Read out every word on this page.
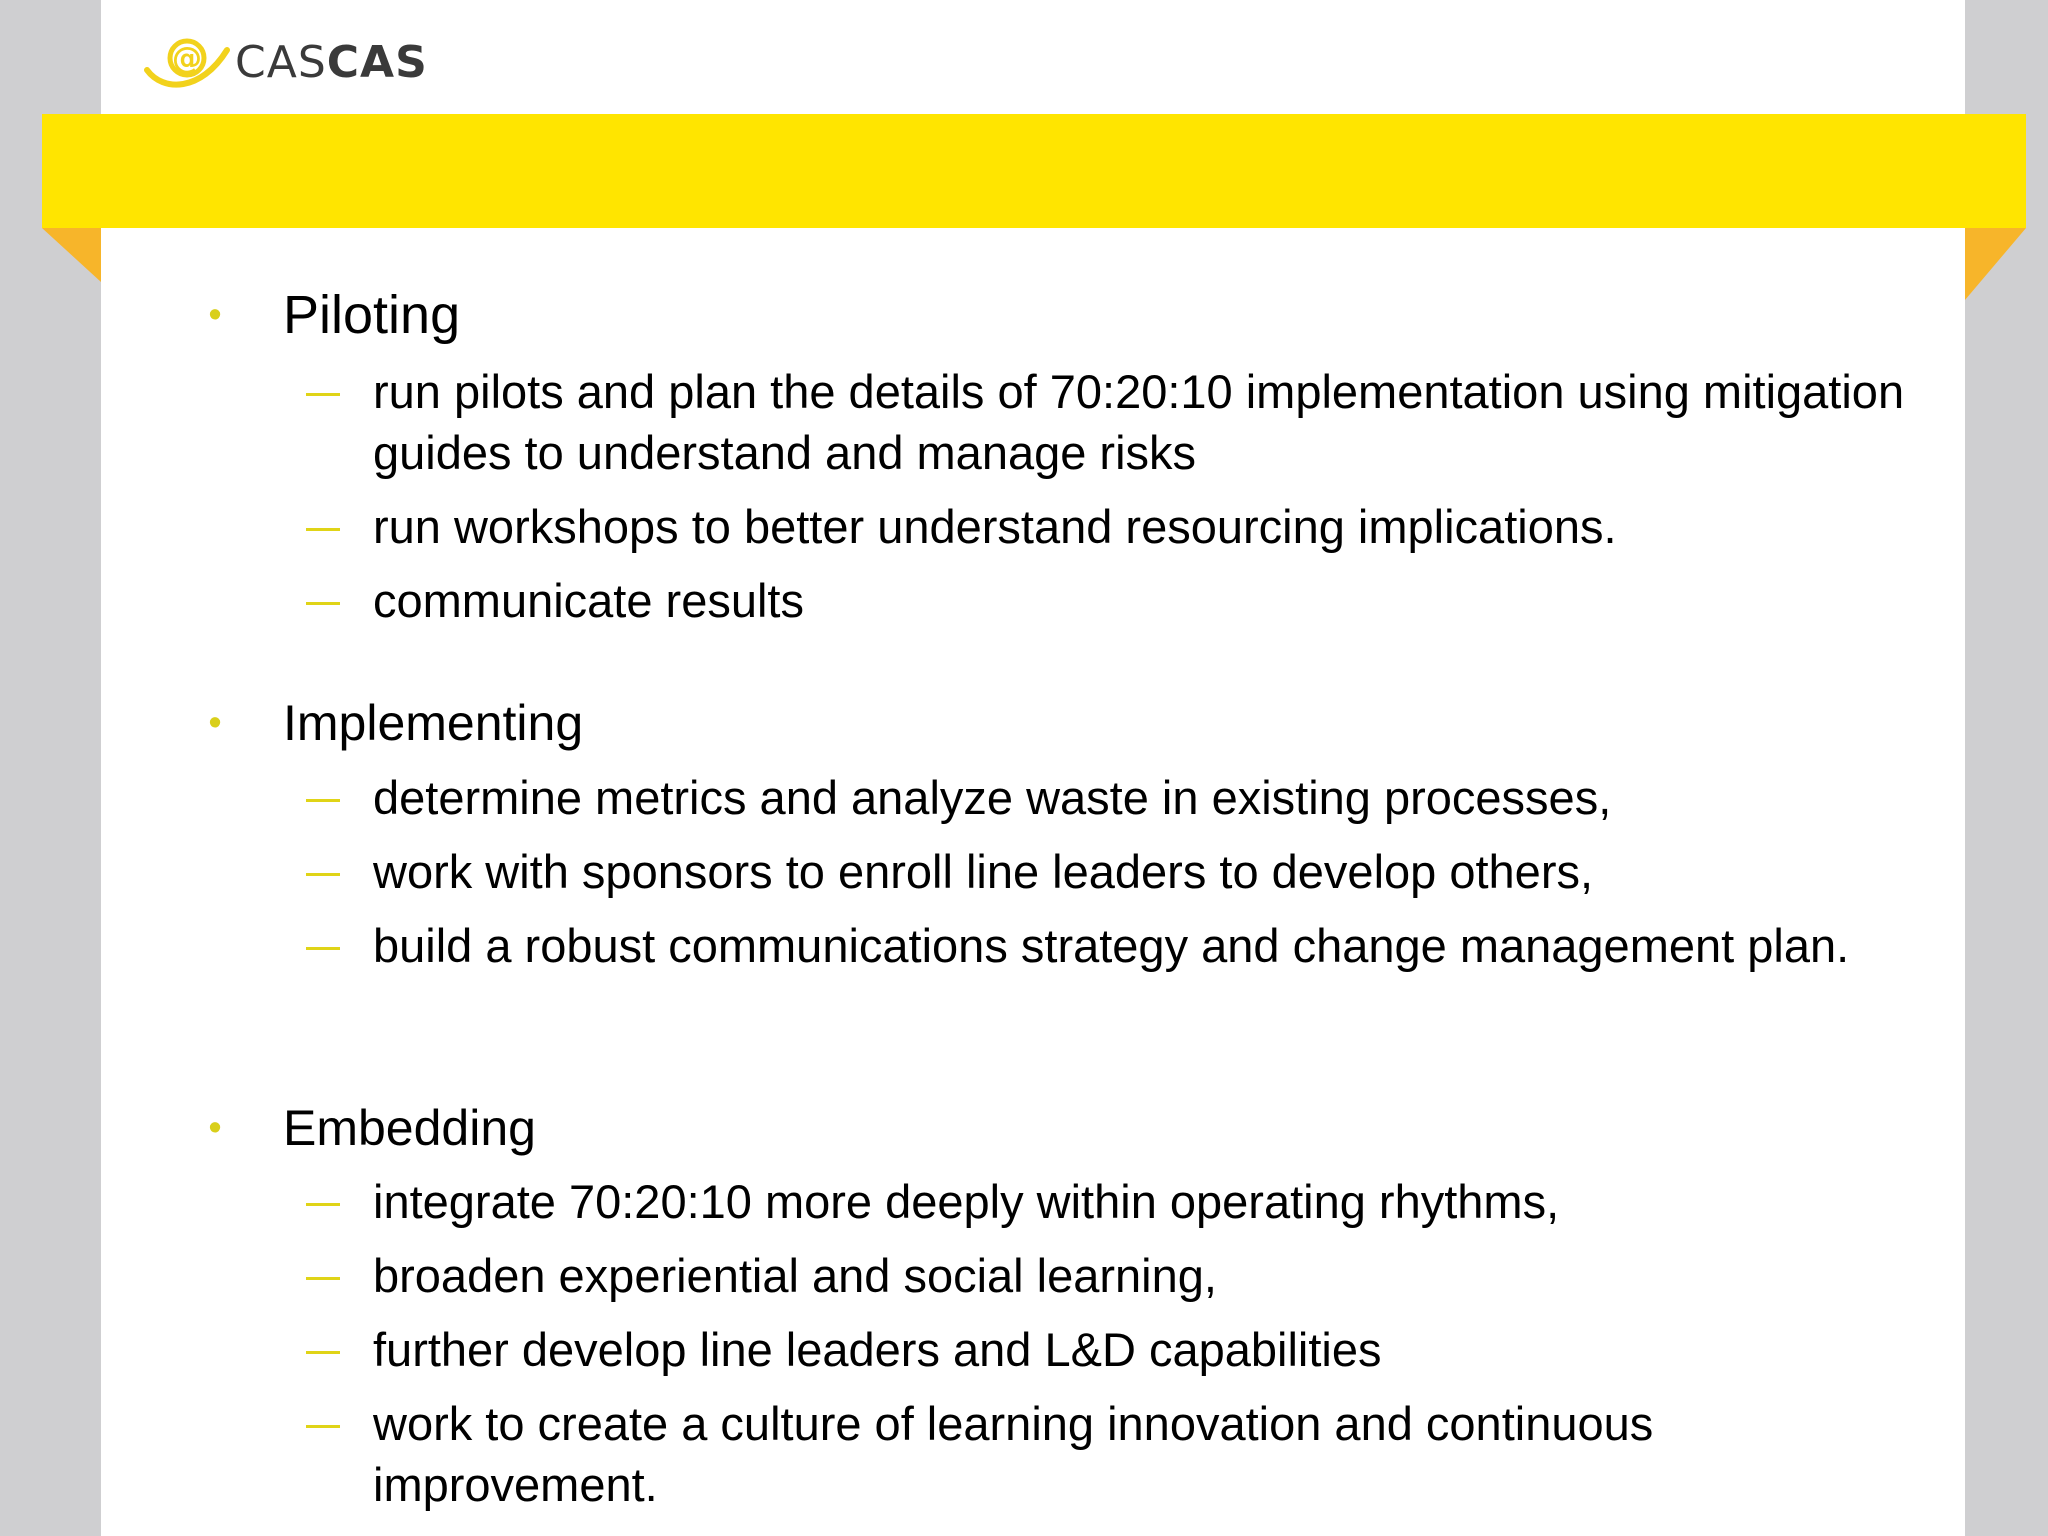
@ CASCAS
• Piloting
run pilots and plan the details of 70:20:10 implementation using mitigation guides to understand and manage risks
run workshops to better understand resourcing implications.
communicate results
• Implementing
determine metrics and analyze waste in existing processes,
work with sponsors to enroll line leaders to develop others,
build a robust communications strategy and change management plan.
• Embedding
integrate 70:20:10 more deeply within operating rhythms,
broaden experiential and social learning,
further develop line leaders and L&D capabilities
work to create a culture of learning innovation and continuous improvement.
